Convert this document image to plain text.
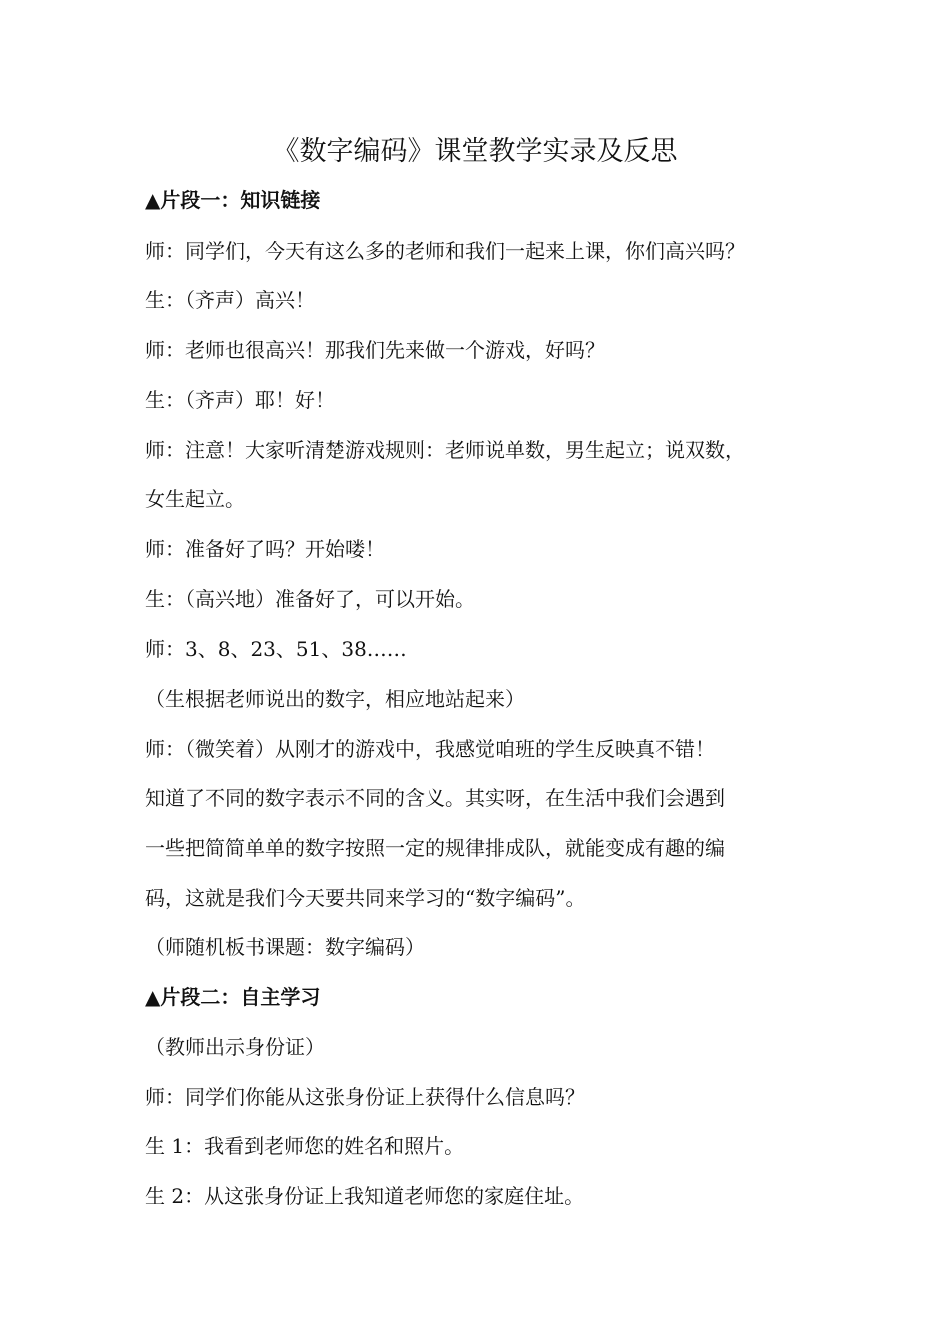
《数字编码》课堂教学实录及反思
▲片段一：知识链接
师：同学们，今天有这么多的老师和我们一起来上课，你们高兴吗？
生：（齐声）高兴！
师：老师也很高兴！那我们先来做一个游戏，好吗？
生：（齐声）耶！好！
师：注意！大家听清楚游戏规则：老师说单数，男生起立；说双数，
女生起立。
师：准备好了吗？开始喽！
生：（高兴地）准备好了，可以开始。
师：3、8、23、51、38……
（生根据老师说出的数字，相应地站起来）
师：（微笑着）从刚才的游戏中，我感觉咱班的学生反映真不错！
知道了不同的数字表示不同的含义。其实呀，在生活中我们会遇到
一些把简简单单的数字按照一定的规律排成队，就能变成有趣的编
码，这就是我们今天要共同来学习的“数字编码”。
（师随机板书课题：数字编码）
▲片段二：自主学习
（教师出示身份证）
师：同学们你能从这张身份证上获得什么信息吗？
生 1：我看到老师您的姓名和照片。
生 2：从这张身份证上我知道老师您的家庭住址。
